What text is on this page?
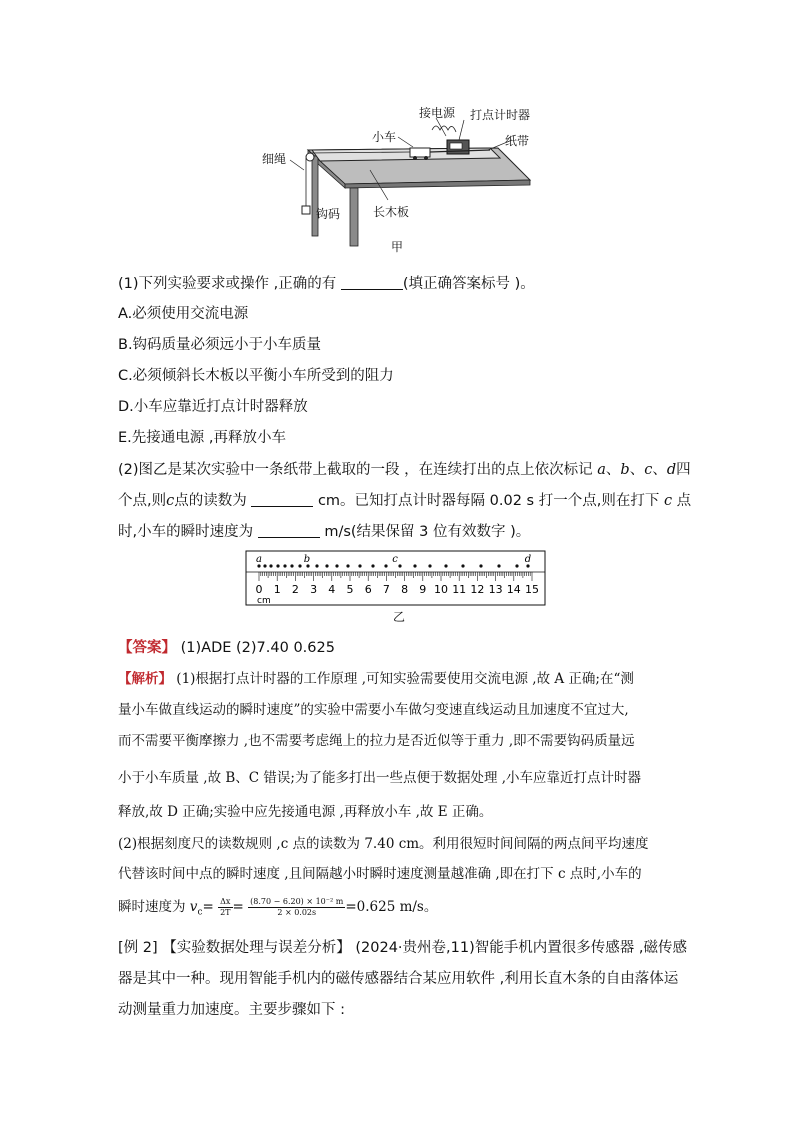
接电源 打点计时器
小车	纸带
细绳
钩码	长木板
甲
(1)下列实验要求或操作 ,正确的有	(填正确答案标号 )。
A.必须使用交流电源
B.钩码质量必须远小于小车质量
C.必须倾斜长木板以平衡小车所受到的阻力
D.小车应靠近打点计时器释放
E.先接通电源 ,再释放小车
(2)图乙是某次实验中一条纸带上截取的一段 ，在连续打出的点上依次标记 a、b、c、d四
个点,则c点的读数为	cm。已知打点计时器每隔 0.02 s 打一个点,则在打下 c 点
时,小车的瞬时速度为	m/s(结果保留 3 位有效数字 )。
0 1 2 3 4 5 6 7 8 9 10 11 12 13 14 15
cm
a	b	c	d
乙
【答案】 (1)ADE (2)7.40 0.625
【解析】 (1)根据打点计时器的工作原理 ,可知实验需要使用交流电源 ,故 A 正确;在“测
量小车做直线运动的瞬时速度”的实验中需要小车做匀变速直线运动且加速度不宜过大,
而不需要平衡摩擦力 ,也不需要考虑绳上的拉力是否近似等于重力 ,即不需要钩码质量远
小于小车质量 ,故 B、C 错误;为了能多打出一些点便于数据处理 ,小车应靠近打点计时器
释放,故 D 正确;实验中应先接通电源 ,再释放小车 ,故 E 正确。
(2)根据刻度尺的读数规则 ,c 点的读数为 7.40 cm。利用很短时间间隔的两点间平均速度
代替该时间中点的瞬时速度 ,且间隔越小时瞬时速度测量越准确 ,即在打下 c 点时,小车的
瞬时速度为 $v_c= \frac{\Delta x}{2T} = \frac{\text{(8.70 − 6.20) × 10⁻² m}}{2 \times 0.02s} =0.625$ m/s。
[例 2] 【实验数据处理与误差分析】 (2024·贵州卷,11)智能手机内置很多传感器 ,磁传感
器是其中一种。现用智能手机内的磁传感器结合某应用软件 ,利用长直木条的自由落体运
动测量重力加速度。主要步骤如下 :
